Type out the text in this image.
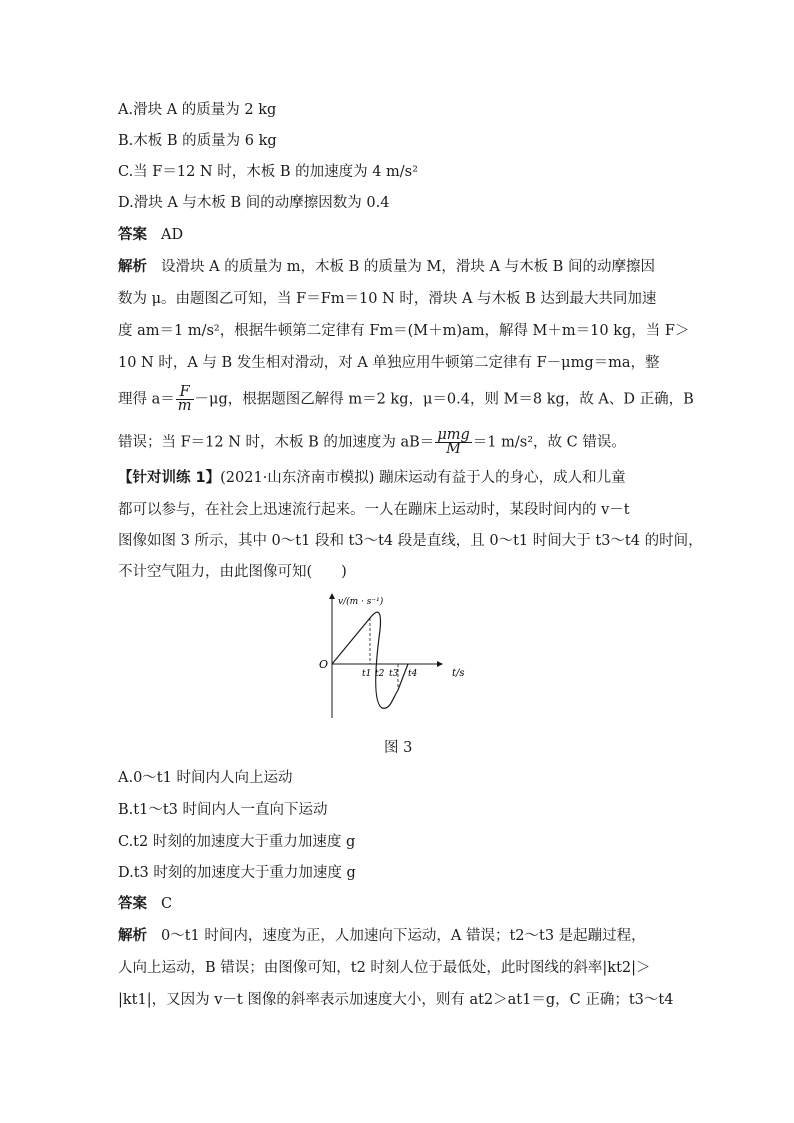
A.滑块 A 的质量为 2 kg
B.木板 B 的质量为 6 kg
C.当 F＝12 N 时，木板 B 的加速度为 4 m/s²
D.滑块 A 与木板 B 间的动摩擦因数为 0.4
答案 AD
解析 设滑块 A 的质量为 m，木板 B 的质量为 M，滑块 A 与木板 B 间的动摩擦因
数为 μ。由题图乙可知，当 F＝Fm＝10 N 时，滑块 A 与木板 B 达到最大共同加速
度 am＝1 m/s²，根据牛顿第二定律有 Fm＝(M＋m)am，解得 M＋m＝10 kg，当 F＞
10 N 时，A 与 B 发生相对滑动，对 A 单独应用牛顿第二定律有 F－μmg＝ma，整
理得 $a= \frac{F}{m} -\mu g$，根据题图乙解得 m＝2 kg，μ＝0.4，则 M＝8 kg，故 A、D 正确，B
错误；当 F＝12 N 时，木板 B 的加速度为 $aB= \frac{\text{μmg}}{M} =1$ m/s²，故 C 错误。
【针对训练 1】(2021·山东济南市模拟) 蹦床运动有益于人的身心，成人和儿童
都可以参与，在社会上迅速流行起来。一人在蹦床上运动时，某段时间内的 v－t
图像如图 3 所示，其中 0～t1 段和 t3～t4 段是直线，且 0～t1 时间大于 t3～t4 的时间，
不计空气阻力，由此图像可知(　　)
v/(m · s⁻¹)
t/s
O
t1 t2 t3 t4
图 3
A.0～t1 时间内人向上运动
B.t1～t3 时间内人一直向下运动
C.t2 时刻的加速度大于重力加速度 g
D.t3 时刻的加速度大于重力加速度 g
答案 C
解析 0～t1 时间内，速度为正，人加速向下运动，A 错误；t2～t3 是起蹦过程，
人向上运动，B 错误；由图像可知，t2 时刻人位于最低处，此时图线的斜率|kt2|＞
|kt1|，又因为 v－t 图像的斜率表示加速度大小，则有 at2＞at1＝g，C 正确；t3～t4
